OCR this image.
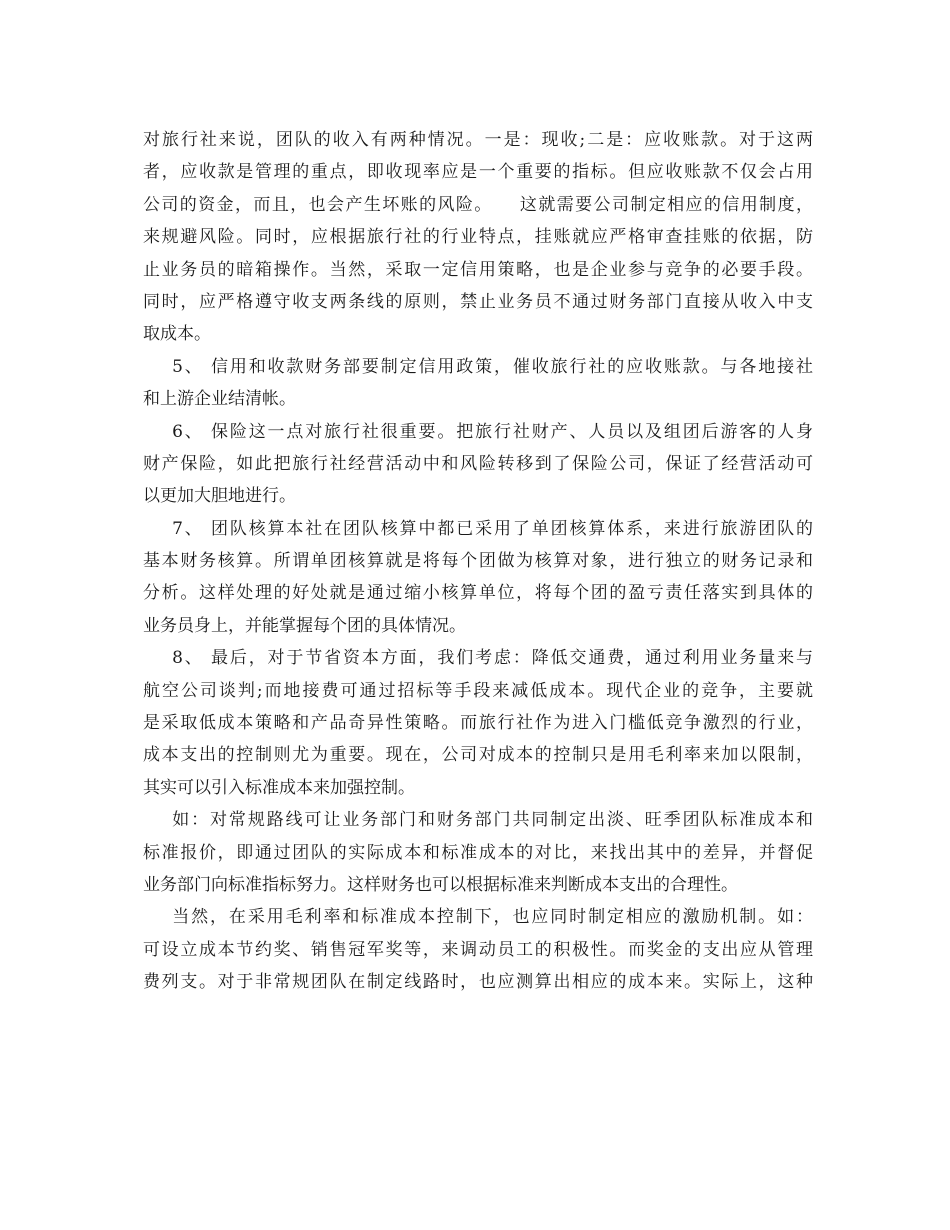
对旅行社来说，团队的收入有两种情况。一是：现收;二是：应收账款。对于这两
者，应收款是管理的重点，即收现率应是一个重要的指标。但应收账款不仅会占用
公司的资金，而且，也会产生坏账的风险。    这就需要公司制定相应的信用制度，
来规避风险。同时，应根据旅行社的行业特点，挂账就应严格审查挂账的依据，防
止业务员的暗箱操作。当然，采取一定信用策略，也是企业参与竞争的必要手段。
同时，应严格遵守收支两条线的原则，禁止业务员不通过财务部门直接从收入中支
取成本。
5、 信用和收款财务部要制定信用政策，催收旅行社的应收账款。与各地接社
和上游企业结清帐。
6、 保险这一点对旅行社很重要。把旅行社财产、人员以及组团后游客的人身
财产保险，如此把旅行社经营活动中和风险转移到了保险公司，保证了经营活动可
以更加大胆地进行。
7、 团队核算本社在团队核算中都已采用了单团核算体系，来进行旅游团队的
基本财务核算。所谓单团核算就是将每个团做为核算对象，进行独立的财务记录和
分析。这样处理的好处就是通过缩小核算单位，将每个团的盈亏责任落实到具体的
业务员身上，并能掌握每个团的具体情况。
8、 最后，对于节省资本方面，我们考虑：降低交通费，通过利用业务量来与
航空公司谈判;而地接费可通过招标等手段来减低成本。现代企业的竞争，主要就
是采取低成本策略和产品奇异性策略。而旅行社作为进入门槛低竞争激烈的行业，
成本支出的控制则尤为重要。现在，公司对成本的控制只是用毛利率来加以限制，
其实可以引入标准成本来加强控制。
如：对常规路线可让业务部门和财务部门共同制定出淡、旺季团队标准成本和
标准报价，即通过团队的实际成本和标准成本的对比，来找出其中的差异，并督促
业务部门向标准指标努力。这样财务也可以根据标准来判断成本支出的合理性。
当然，在采用毛利率和标准成本控制下，也应同时制定相应的激励机制。如：
可设立成本节约奖、销售冠军奖等，来调动员工的积极性。而奖金的支出应从管理
费列支。对于非常规团队在制定线路时，也应测算出相应的成本来。实际上，这种
